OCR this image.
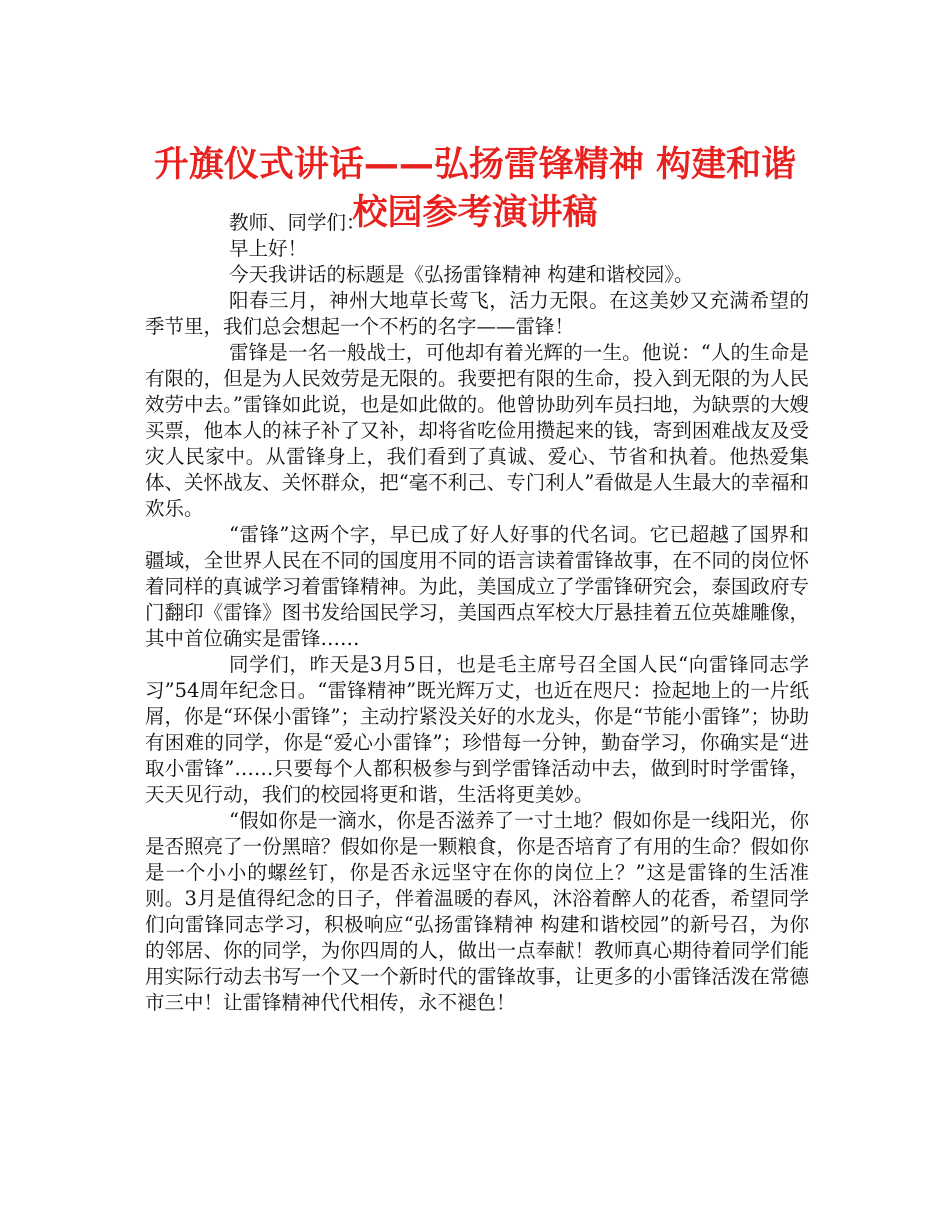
升旗仪式讲话——弘扬雷锋精神 构建和谐
校园参考演讲稿

教师、同学们：

早上好！

今天我讲话的标题是《弘扬雷锋精神 构建和谐校园》。

阳春三月，神州大地草长莺飞，活力无限。在这美妙又充满希望的季节里，我们总会想起一个不朽的名字——雷锋！

雷锋是一名一般战士，可他却有着光辉的一生。他说：“人的生命是有限的，但是为人民效劳是无限的。我要把有限的生命，投入到无限的为人民效劳中去。”雷锋如此说，也是如此做的。他曾协助列车员扫地，为缺票的大嫂买票，他本人的袜子补了又补，却将省吃俭用攒起来的钱，寄到困难战友及受灾人民家中。从雷锋身上，我们看到了真诚、爱心、节省和执着。他热爱集体、关怀战友、关怀群众，把“毫不利己、专门利人”看做是人生最大的幸福和欢乐。

“雷锋”这两个字，早已成了好人好事的代名词。它已超越了国界和疆域，全世界人民在不同的国度用不同的语言读着雷锋故事，在不同的岗位怀着同样的真诚学习着雷锋精神。为此，美国成立了学雷锋研究会，泰国政府专门翻印《雷锋》图书发给国民学习，美国西点军校大厅悬挂着五位英雄雕像，其中首位确实是雷锋……

同学们，昨天是3月5日，也是毛主席号召全国人民“向雷锋同志学习”54周年纪念日。“雷锋精神”既光辉万丈，也近在咫尺：捡起地上的一片纸屑，你是“环保小雷锋”；主动拧紧没关好的水龙头，你是“节能小雷锋”；协助有困难的同学，你是“爱心小雷锋”；珍惜每一分钟，勤奋学习，你确实是“进取小雷锋”……只要每个人都积极参与到学雷锋活动中去，做到时时学雷锋，天天见行动，我们的校园将更和谐，生活将更美妙。

“假如你是一滴水，你是否滋养了一寸土地？假如你是一线阳光，你是否照亮了一份黑暗？假如你是一颗粮食，你是否培育了有用的生命？假如你是一个小小的螺丝钉，你是否永远坚守在你的岗位上？”这是雷锋的生活准则。3月是值得纪念的日子，伴着温暖的春风，沐浴着醉人的花香，希望同学们向雷锋同志学习，积极响应“弘扬雷锋精神 构建和谐校园”的新号召，为你的邻居、你的同学，为你四周的人，做出一点奉献！教师真心期待着同学们能用实际行动去书写一个又一个新时代的雷锋故事，让更多的小雷锋活泼在常德市三中！让雷锋精神代代相传，永不褪色！
